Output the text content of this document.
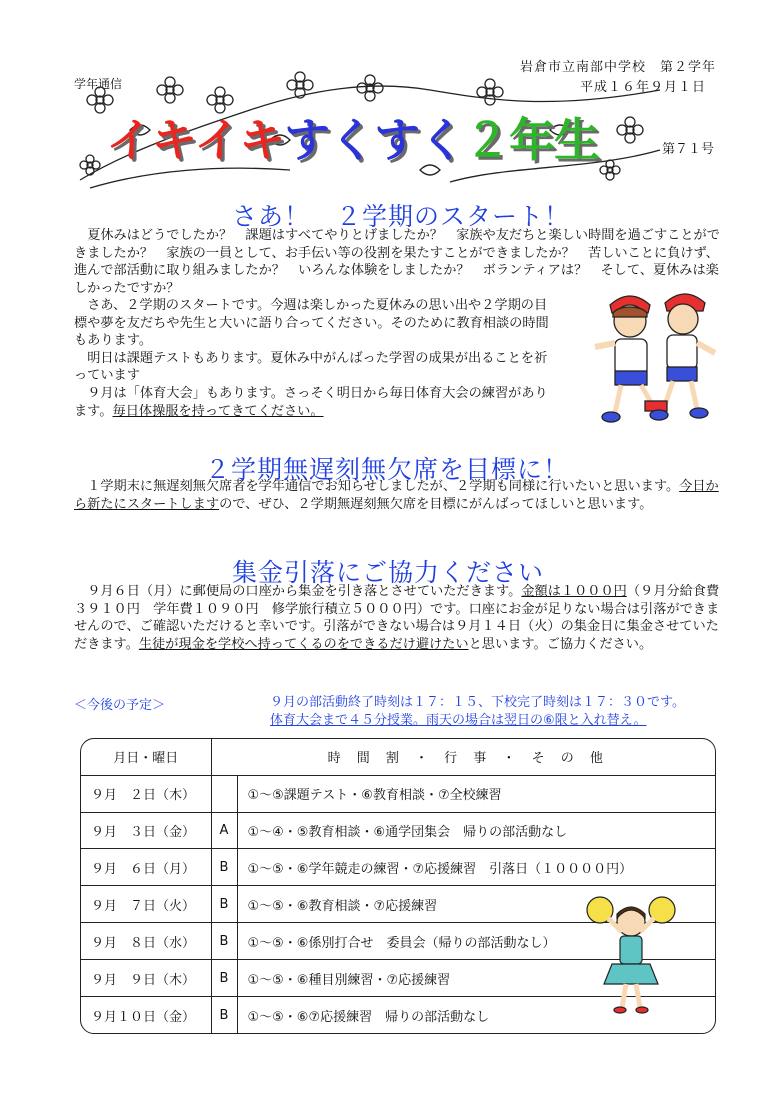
岩倉市立南部中学校　第２学年
平成１６年９月１日
学年通信
イキイキすくすく２年生	第７１号
さあ！　２学期のスタート！
夏休みはどうでしたか？　課題はすべてやりとげましたか？　家族や友だちと楽しい時間を過ごすことができましたか？　家族の一員として、お手伝い等の役割を果たすことができましたか？　苦しいことに負けず、進んで部活動に取り組みましたか？　いろんな体験をしましたか？　ボランティアは？　そして、夏休みは楽しかったですか？
さあ、２学期のスタートです。今週は楽しかった夏休みの思い出や２学期の目標や夢を友だちや先生と大いに語り合ってください。そのために教育相談の時間もあります。
明日は課題テストもあります。夏休み中がんばった学習の成果が出ることを祈っています
９月は「体育大会」もあります。さっそく明日から毎日体育大会の練習があります。毎日体操服を持ってきてください。
２学期無遅刻無欠席を目標に！
１学期末に無遅刻無欠席者を学年通信でお知らせしましたが、２学期も同様に行いたいと思います。今日から新たにスタートしますので、ぜひ、２学期無遅刻無欠席を目標にがんばってほしいと思います。
集金引落にご協力ください
９月６日（月）に郵便局の口座から集金を引き落とさせていただきます。金額は１０００円（９月分給食費３９１０円　学年費１０９０円　修学旅行積立５０００円）です。口座にお金が足りない場合は引落ができませんので、ご確認いただけると幸いです。引落ができない場合は９月１４日（火）の集金日に集金させていただきます。生徒が現金を学校へ持ってくるのをできるだけ避けたいと思います。ご協力ください。
＜今後の予定＞	９月の部活動終了時刻は１７：１５、下校完了時刻は１７：３０です。
体育大会まで４５分授業。雨天の場合は翌日の⑥限と入れ替え。
月日・曜日	時 間 割 ・ 行 事 ・ そ の 他	
９月　２日（木）		①～⑤課題テスト・⑥教育相談・⑦全校練習
９月　３日（金）	A	①～④・⑤教育相談・⑥通学団集会　帰りの部活動なし
９月　６日（月）	B	①～⑤・⑥学年競走の練習・⑦応援練習　引落日（１００００円）
９月　７日（火）	B	①～⑤・⑥教育相談・⑦応援練習
９月　８日（水）	B	①～⑤・⑥係別打合せ　委員会（帰りの部活動なし）
９月　９日（木）	B	①～⑤・⑥種目別練習・⑦応援練習
９月１０日（金）	B	①～⑤・⑥⑦応援練習　帰りの部活動なし
